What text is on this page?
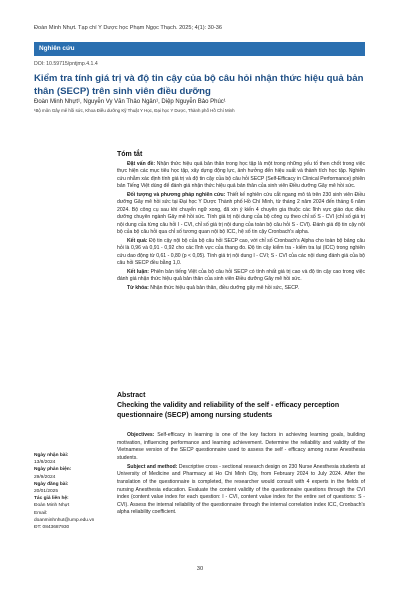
Đoàn Minh Nhựt. Tạp chí Y Dược học Phạm Ngọc Thạch. 2025; 4(1): 30-36
Nghiên cứu
DOI: 10.59715/pntjmp.4.1.4
Kiểm tra tính giá trị và độ tin cậy của bộ câu hỏi nhận thức hiệu quả bản thân (SECP) trên sinh viên điều dưỡng
Đoàn Minh Nhựt¹, Nguyễn Vy Văn Thảo Ngân¹, Diệp Nguyễn Bảo Phúc¹
¹Bộ môn Gây mê hồi sức, Khoa Điều dưỡng Kỹ Thuật Y Học, Đại học Y Dược, Thành phố Hồ Chí Minh
Tóm tắt

Đặt vấn đề: Nhận thức hiệu quả bản thân trong học tập là một trong những yếu tố then chốt trong việc thực hiện các mục tiêu học tập, xây dựng động lực, ảnh hưởng đến hiệu suất và thành tích học tập. Nghiên cứu nhằm xác định tính giá trị và độ tin cậy của bộ câu hỏi SECP (Self-Efficacy in Clinical Performance) phiên bản Tiếng Việt dùng để đánh giá nhận thức hiệu quả bản thân của sinh viên Điều dưỡng Gây mê hồi sức.

Đối tượng và phương pháp nghiên cứu: Thiết kế nghiên cứu cắt ngang mô tả trên 230 sinh viên Điều dưỡng Gây mê hồi sức tại Đại học Y Dược Thành phố Hồ Chí Minh, từ tháng 2 năm 2024 đến tháng 6 năm 2024. Bộ công cụ sau khi chuyển ngữ xong, đã xin ý kiến 4 chuyên gia thuộc các lĩnh vực giáo dục điều dưỡng chuyên ngành Gây mê hồi sức. Tính giá trị nội dung của bộ công cụ theo chỉ số S - CVI (chỉ số giá trị nội dung của từng câu hỏi I - CVI, chỉ số giá trị nội dung của toàn bộ câu hỏi S - CVI). Đánh giá độ tin cậy nội bộ của bộ câu hỏi qua chỉ số tương quan nội bộ ICC, hệ số tin cậy Cronbach's alpha.

Kết quả: Độ tin cậy nội bộ của bộ câu hỏi SECP cao, với chỉ số Cronbach's Alpha cho toàn bộ bảng câu hỏi là 0,96 và 0,91 - 0,92 cho các lĩnh vực của thang đo. Độ tin cậy kiểm tra - kiểm tra lại (ICC) trong nghiên cứu dao động từ 0,61 - 0,80 (p < 0,05). Tính giá trị nội dung I - CVI; S - CVI của các nội dung đánh giá của bộ câu hỏi SECP đều bằng 1,0.

Kết luận: Phiên bản tiếng Việt của bộ câu hỏi SECP có tính nhất giá trị cao và độ tin cậy cao trong việc đánh giá nhận thức hiệu quả bản thân của sinh viên Điều dưỡng Gây mê hồi sức.

Từ khóa: Nhận thức hiệu quả bản thân, điều dưỡng gây mê hồi sức, SECP.

Abstract
Checking the validity and reliability of the self - efficacy perception questionnaire (SECP) among nursing students

Objectives: Self-efficacy in learning is one of the key factors in achieving learning goals, building motivation, influencing performance and learning achievement. Determine the reliability and validity of the Vietnamese version of the SECP questionnaire used to assess the self - efficacy among nurse Anesthesia students.

Subject and method: Descriptive cross - sectional research design on 230 Nurse Anesthesia students at University of Medicine and Pharmacy at Ho Chi Minh City, from February 2024 to July 2024. After the translation of the questionnaire is completed, the researcher would consult with 4 experts in the fields of nursing Anesthesia education. Evaluate the content validity of the questionnaire questions through the CVI index (content value index for each question: I - CVI, content value index for the entire set of questions: S - CVI). Assess the internal reliability of the questionnaire through the internal correlation index ICC, Cronbach's alpha reliability coefficient.

Ngày nhận bài:
13/8/2024
Ngày phản biện:
29/9/2024
Ngày đăng bài:
20/01/2025
Tác giả liên hệ:
Đoàn Minh Nhựt
Email: doanminhnhut@ump.edu.vn
ĐT: 0843687930
30
